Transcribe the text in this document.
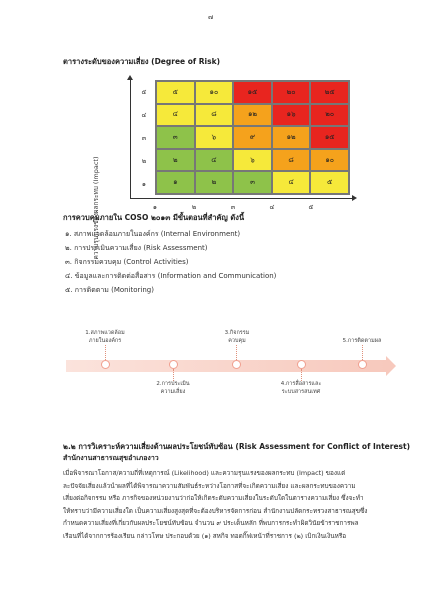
๗
ตารางระดับของความเสี่ยง (Degree of Risk)
ความรุนแรงของผลกระทบ (Impact)
๕
๔
๓
๒
๑
๕	๑๐	๑๕	๒๐	๒๕
๔	๘	๑๒	๑๖	๒๐
๓	๖	๙	๑๒	๑๕
๒	๔	๖	๘	๑๐
๑	๒	๓	๔	๕
๑	๒	๓	๔	๕
การควบคุมภายใน COSO ๒๐๑๓ มีขั้นตอนที่สำคัญ ดังนี้
๑. สภาพแวดล้อมภายในองค์กร (Internal Environment)
๒. การประเมินความเสี่ยง (Risk Assessment)
๓. กิจกรรมควบคุม (Control Activities)
๔. ข้อมูลและการติดต่อสื่อสาร (Information and Communication)
๕. การติดตาม (Monitoring)
1.สภาพแวดล้อม
ภายในองค์กร
3.กิจกรรม
ควบคุม	5.การติดตามผล
2.การประเมิน
ความเสี่ยง
4.การสื่อสารและ
ระบบสารสนเทศ
๒.๒ การวิเคราะห์ความเสี่ยงด้านผลประโยชน์ทับซ้อน (Risk Assessment for Conflict of Interest)
สำนักงานสาธารณสุขอำเภองาว
เมื่อพิจารณาโอกาส/ความถี่ที่เหตุการณ์ (Likelihood) และความรุนแรงของผลกระทบ (Impact) ของแต่
ละปัจจัยเสี่ยงแล้วนำผลที่ได้พิจารณาความสัมพันธ์ระหว่างโอกาสที่จะเกิดความเสี่ยง และผลกระทบของความ
เสี่ยงต่อกิจกรรม หรือ ภารกิจของหน่วยงานว่าก่อให้เกิดระดับความเสี่ยงในระดับใดในตารางความเสี่ยง ซึ่งจะทำ
ให้ทราบว่ามีความเสี่ยงใด เป็นความเสี่ยงสูงสุดที่จะต้องบริหารจัดการก่อน สำนักงานปลัดกระทรวงสาธารณสุขซึ่ง
กำหนดความเสี่ยงที่เกี่ยวกับผลประโยชน์ทับซ้อน จำนวน ๙ ประเด็นหลัก ที่พบการกระทำผิดวินัยข้าราชการพล
เรือนที่ได้จากการร้องเรียน กล่าวโทษ ประกอบด้วย (๑) สหกิจ ทอดกิ๊ฟเหน้าที่ราชการ (๒) เบิกเงินเงินหรือ
